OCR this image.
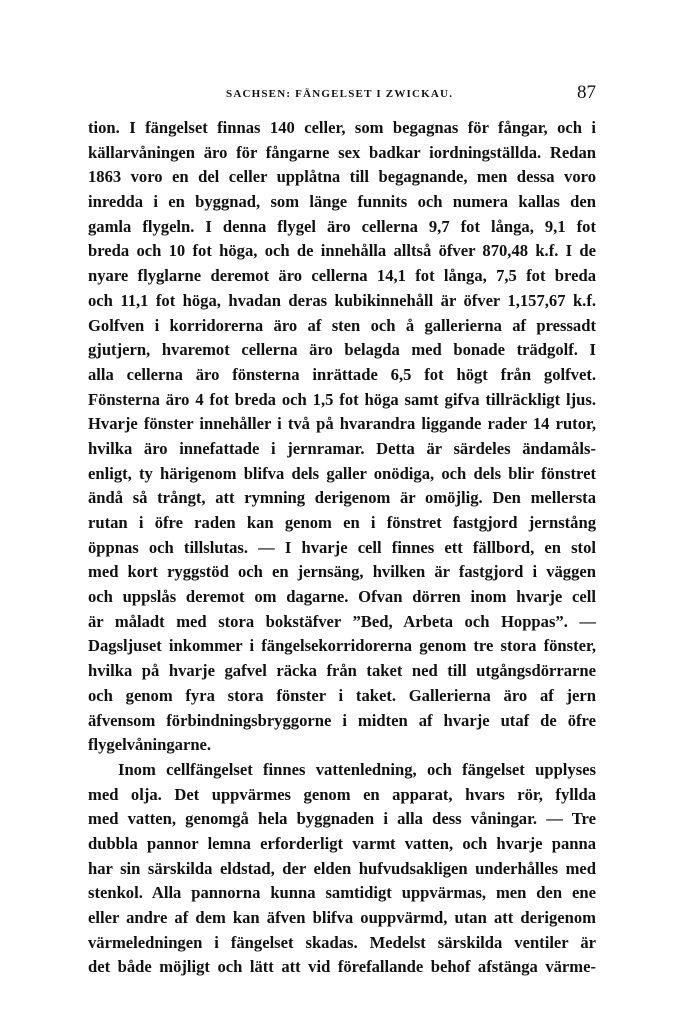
SACHSEN: FÄNGELSET I ZWICKAU.	87
tion. I fängelset finnas 140 celler, som begagnas för fångar, och i
källarvåningen äro för fångarne sex badkar iordningställda. Redan
1863 voro en del celler upplåtna till begagnande, men dessa voro
inredda i en byggnad, som länge funnits och numera kallas den
gamla flygeln. I denna flygel äro cellerna 9,7 fot långa, 9,1 fot
breda och 10 fot höga, och de innehålla alltså öfver 870,48 k.f. I de
nyare flyglarne deremot äro cellerna 14,1 fot långa, 7,5 fot breda
och 11,1 fot höga, hvadan deras kubikinnehåll är öfver 1,157,67 k.f.
Golfven i korridorerna äro af sten och å gallerierna af pressadt
gjutjern, hvaremot cellerna äro belagda med bonade trädgolf. I
alla cellerna äro fönsterna inrättade 6,5 fot högt från golfvet.
Fönsterna äro 4 fot breda och 1,5 fot höga samt gifva tillräckligt ljus.
Hvarje fönster innehåller i två på hvarandra liggande rader 14 rutor,
hvilka äro innefattade i jernramar. Detta är särdeles ändamåls-
enligt, ty härigenom blifva dels galler onödiga, och dels blir fönstret
ändå så trångt, att rymning derigenom är omöjlig. Den mellersta
rutan i öfre raden kan genom en i fönstret fastgjord jernstång
öppnas och tillslutas. — I hvarje cell finnes ett fällbord, en stol
med kort ryggstöd och en jernsäng, hvilken är fastgjord i väggen
och uppslås deremot om dagarne. Ofvan dörren inom hvarje cell
är måladt med stora bokstäfver ”Bed, Arbeta och Hoppas”. —
Dagsljuset inkommer i fängelsekorridorerna genom tre stora fönster,
hvilka på hvarje gafvel räcka från taket ned till utgångsdörrarne
och genom fyra stora fönster i taket. Gallerierna äro af jern
äfvensom förbindningsbryggorne i midten af hvarje utaf de öfre
flygelvåningarne.
Inom cellfängelset finnes vattenledning, och fängelset upplyses
med olja. Det uppvärmes genom en apparat, hvars rör, fyllda
med vatten, genomgå hela byggnaden i alla dess våningar. — Tre
dubbla pannor lemna erforderligt varmt vatten, och hvarje panna
har sin särskilda eldstad, der elden hufvudsakligen underhålles med
stenkol. Alla pannorna kunna samtidigt uppvärmas, men den ene
eller andre af dem kan äfven blifva ouppvärmd, utan att derigenom
värmeledningen i fängelset skadas. Medelst särskilda ventiler är
det både möjligt och lätt att vid förefallande behof afstänga värme-
